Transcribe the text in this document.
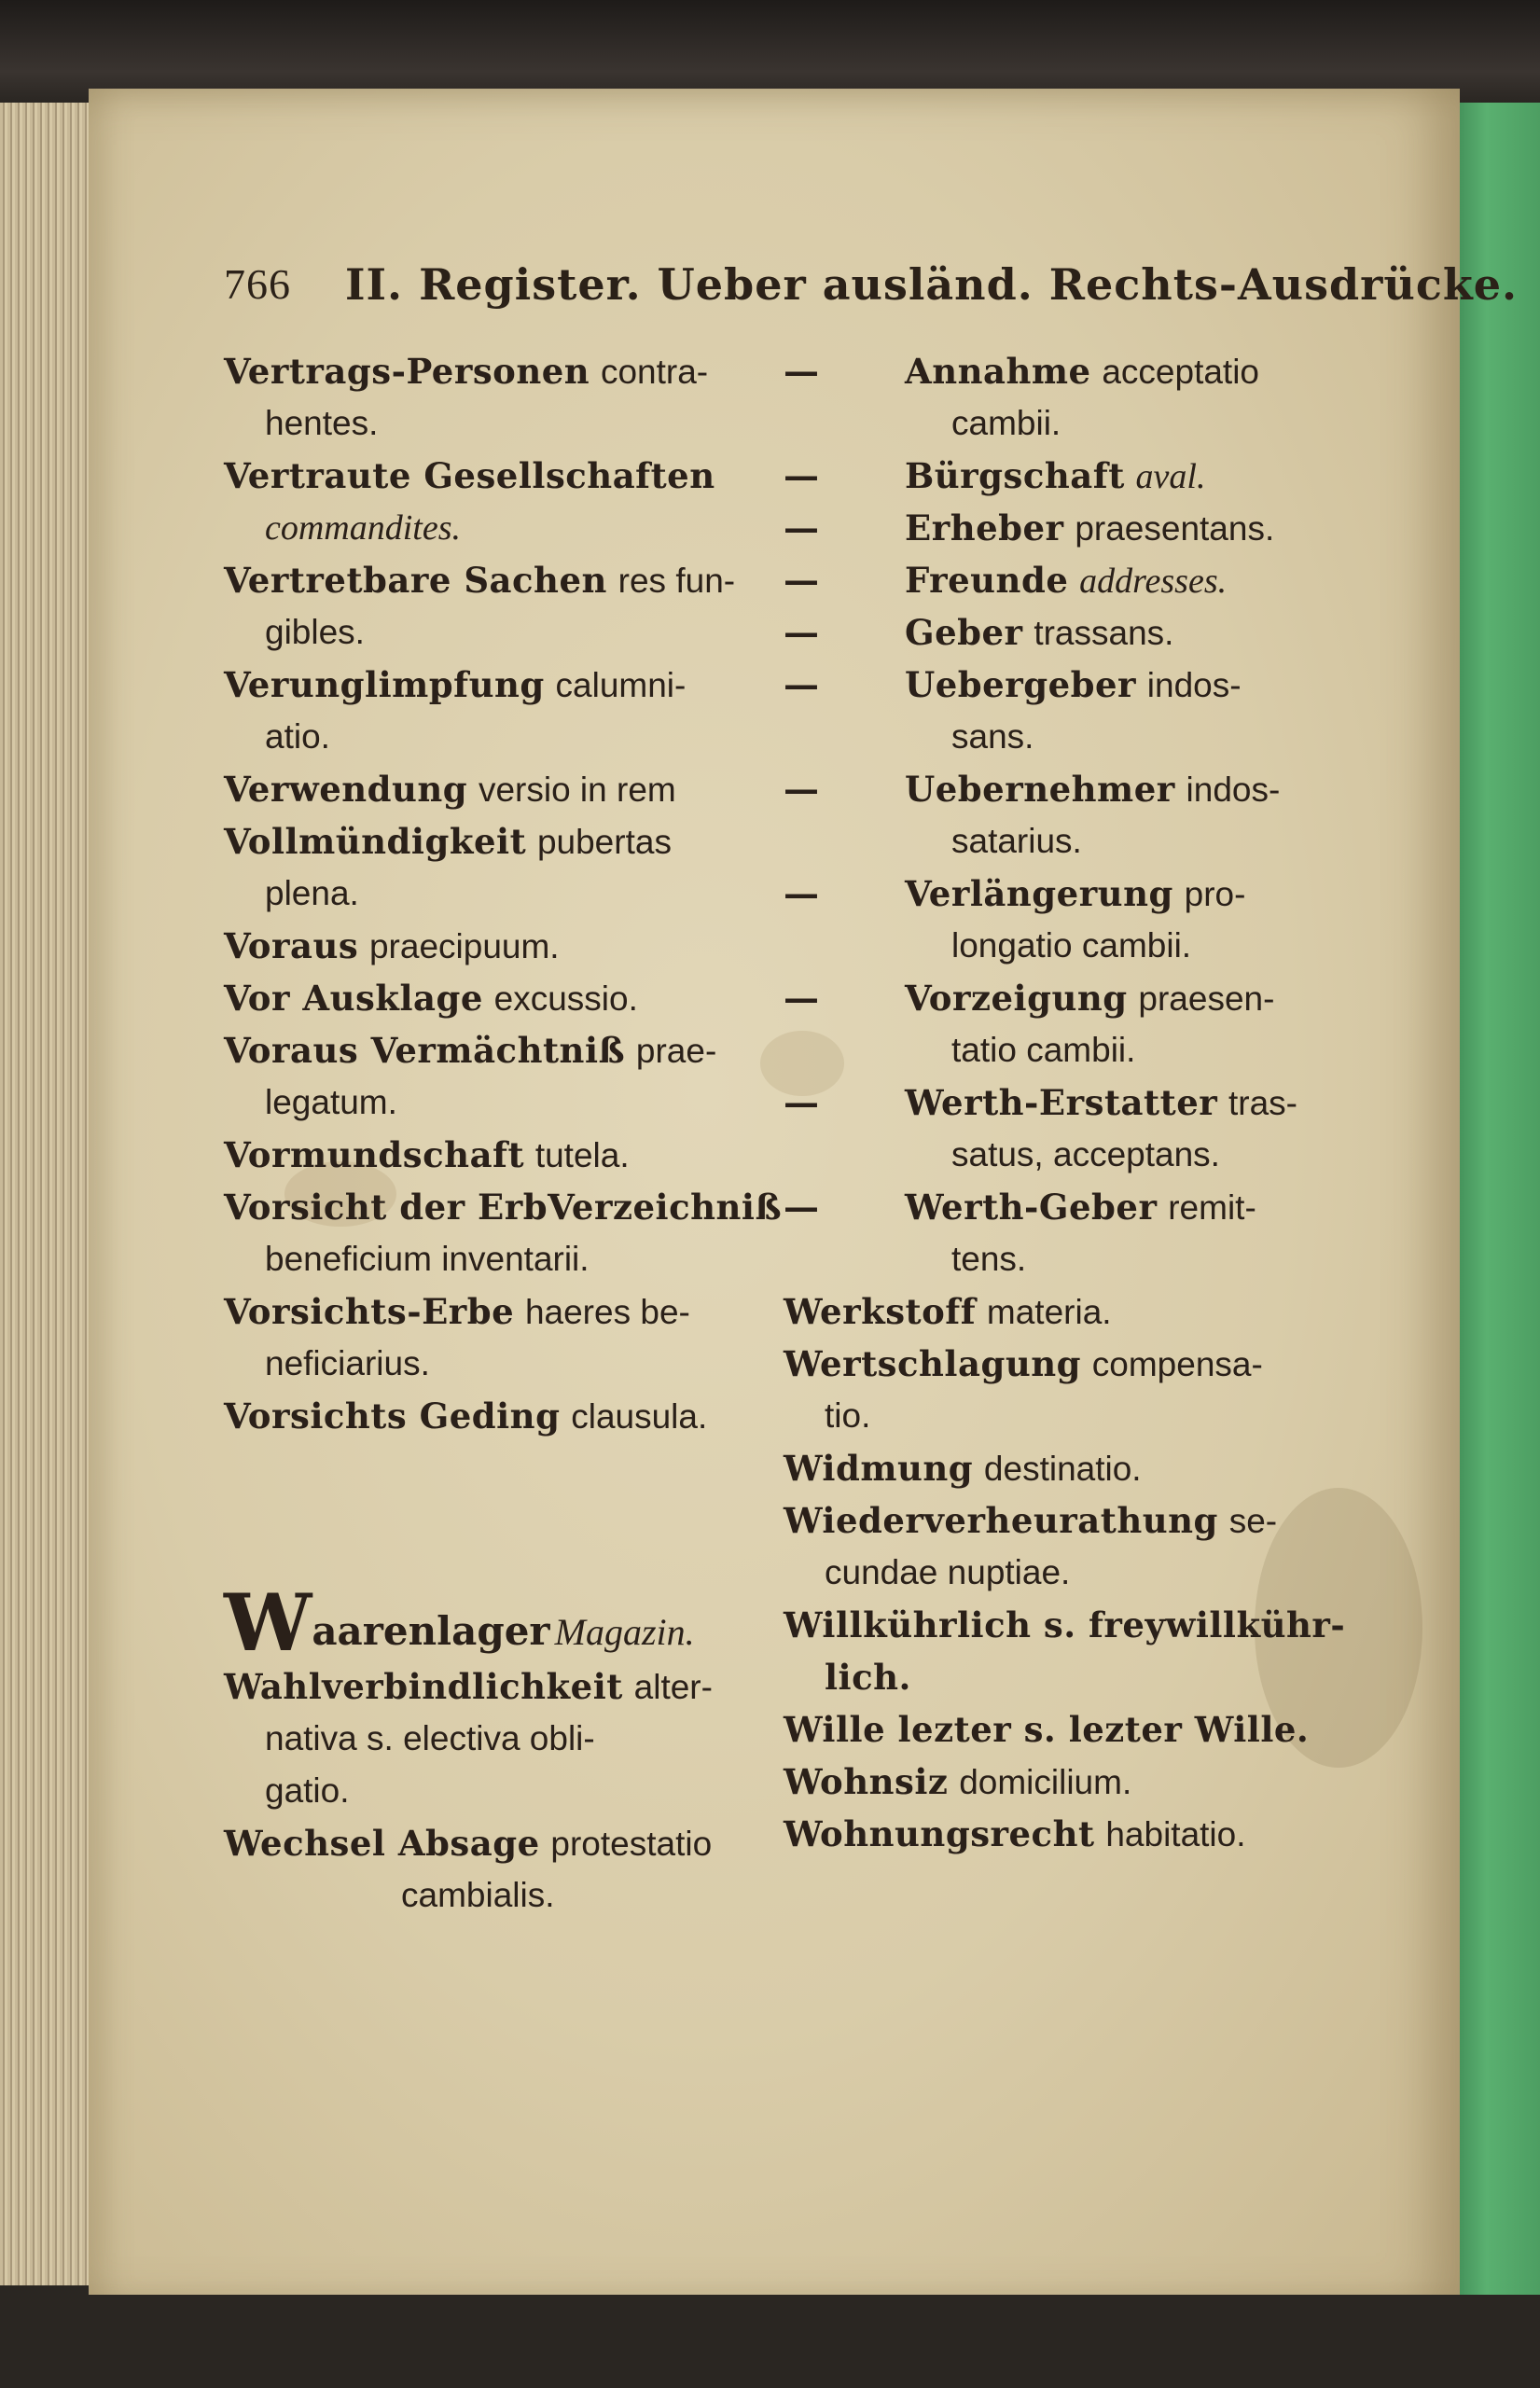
766 II. Register. Ueber ausländ. Rechts-Ausdrücke.
Vertrags-Personen contra-
hentes.
Vertraute Gesellschaften
commandites.
Vertretbare Sachen res fun-
gibles.
Verunglimpfung calumni-
atio.
Verwendung versio in rem
Vollmündigkeit pubertas
plena.
Voraus praecipuum.
Vor Ausklage excussio.
Voraus Vermächtniß prae-
legatum.
Vormundschaft tutela.
Vorsicht der ErbVerzeichniß
beneficium inventarii.
Vorsichts-Erbe haeres be-
neficiarius.
Vorsichts Geding clausula.
Waarenlager Magazin.
Wahlverbindlichkeit alter-
nativa s. electiva obli-
gatio.
Wechsel Absage protestatio
cambialis.
— Annahme acceptatio
cambii.
— Bürgschaft aval.
— Erheber praesentans.
— Freunde addresses.
— Geber trassans.
— Uebergeber indos-
sans.
— Uebernehmer indos-
satarius.
— Verlängerung pro-
longatio cambii.
— Vorzeigung praesen-
tatio cambii.
— Werth-Erstatter tras-
satus, acceptans.
— Werth-Geber remit-
tens.
Werkstoff materia.
Wertschlagung compensa-
tio.
Widmung destinatio.
Wiederverheurathung se-
cundae nuptiae.
Willkührlich s. freywillkühr-
lich.
Wille lezter s. lezter Wille.
Wohnsiz domicilium.
Wohnungsrecht habitatio.
